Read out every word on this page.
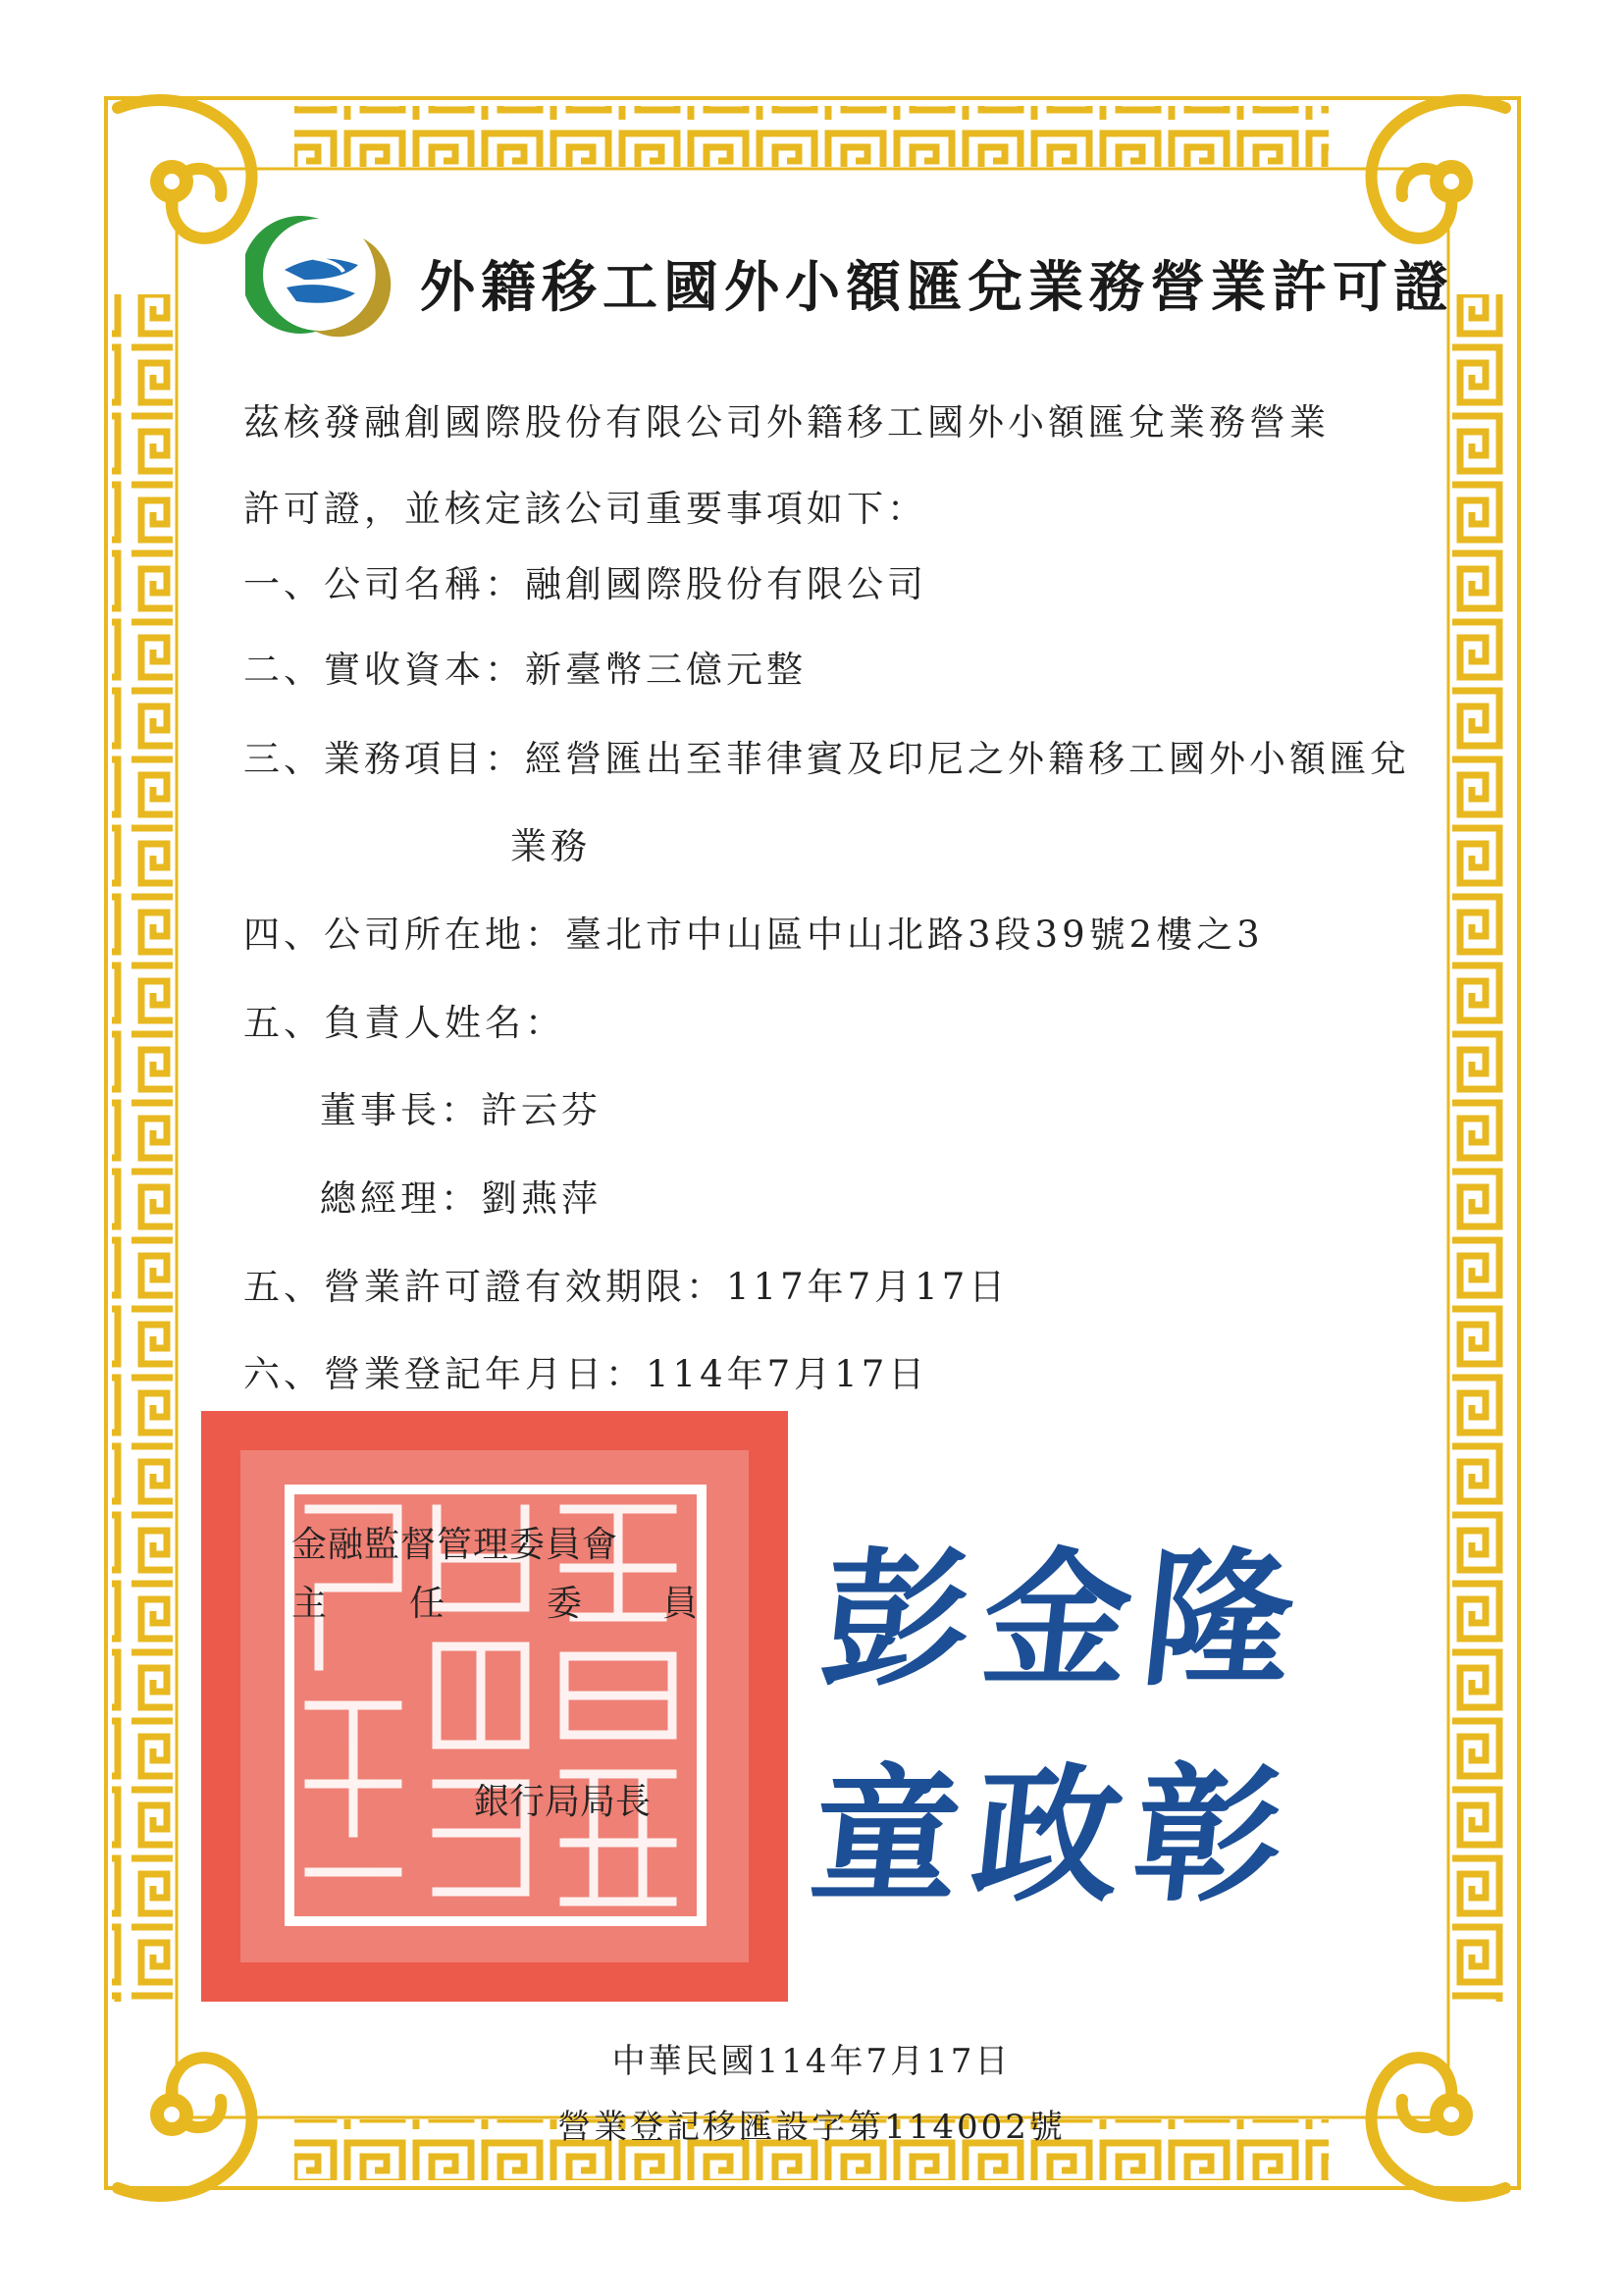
外籍移工國外小額匯兌業務營業許可證
茲核發融創國際股份有限公司外籍移工國外小額匯兌業務營業
許可證，並核定該公司重要事項如下：
一、公司名稱：融創國際股份有限公司
二、實收資本：新臺幣三億元整
三、業務項目：經營匯出至菲律賓及印尼之外籍移工國外小額匯兌
業務
四、公司所在地：臺北市中山區中山北路3段39號2樓之3
五、負責人姓名：
董事長：許云芬
總經理：劉燕萍
五、營業許可證有效期限：117年7月17日
六、營業登記年月日：114年7月17日
金融監督管理委員會
主 任	委 員
銀行局局長
彭金隆
童政彰
中華民國114年7月17日
營業登記移匯設字第114002號
